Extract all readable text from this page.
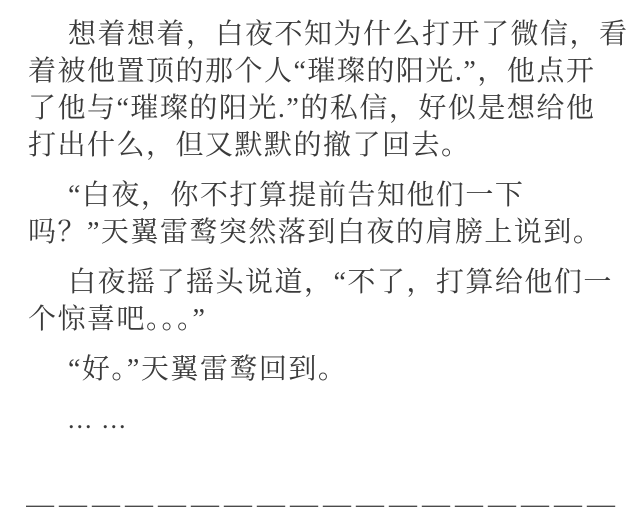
想着想着，白夜不知为什么打开了微信，看
着被他置顶的那个人“璀璨的阳光.”，他点开
了他与“璀璨的阳光.”的私信，好似是想给他
打出什么，但又默默的撤了回去。
“白夜，你不打算提前告知他们一下
吗？”天翼雷鹜突然落到白夜的肩膀上说到。
白夜摇了摇头说道，“不了，打算给他们一
个惊喜吧。。。”
“好。”天翼雷鹜回到。
... ...
——————————————————
